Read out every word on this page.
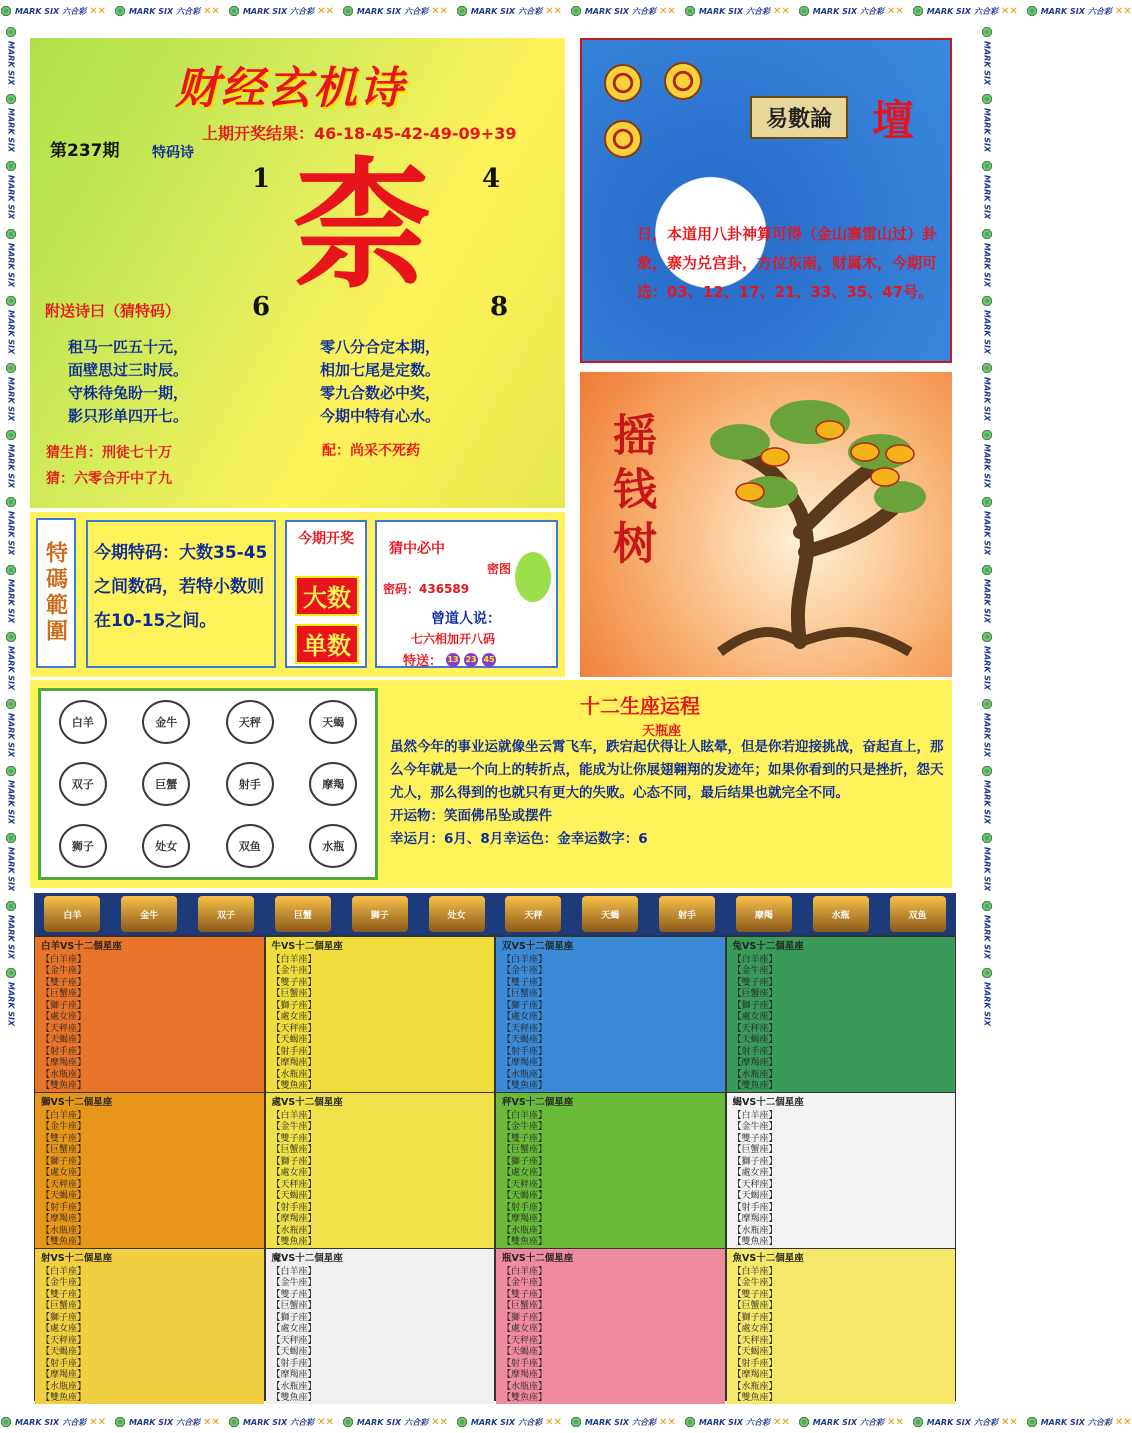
MARK SIX 六合彩 ✕✕	MARK SIX 六合彩 ✕✕	MARK SIX 六合彩 ✕✕	MARK SIX 六合彩 ✕✕	MARK SIX 六合彩 ✕✕	MARK SIX 六合彩 ✕✕	MARK SIX 六合彩 ✕✕	MARK SIX 六合彩 ✕✕	MARK SIX 六合彩 ✕✕	MARK SIX 六合彩 ✕✕
MARK SIX 六合彩 ✕✕	MARK SIX 六合彩 ✕✕	MARK SIX 六合彩 ✕✕	MARK SIX 六合彩 ✕✕	MARK SIX 六合彩 ✕✕	MARK SIX 六合彩 ✕✕	MARK SIX 六合彩 ✕✕	MARK SIX 六合彩 ✕✕	MARK SIX 六合彩 ✕✕	MARK SIX 六合彩 ✕✕
MARK SIX
MARK SIX
MARK SIX
MARK SIX
MARK SIX
MARK SIX
MARK SIX
MARK SIX
MARK SIX
MARK SIX
MARK SIX
MARK SIX
MARK SIX
MARK SIX
MARK SIX
MARK SIX
MARK SIX
MARK SIX
MARK SIX
MARK SIX
MARK SIX
MARK SIX
MARK SIX
MARK SIX
MARK SIX
MARK SIX
MARK SIX
MARK SIX
MARK SIX
MARK SIX
财经玄机诗
上期开奖结果：46-18-45-42-49-09+39
第237期 特码诗
1	4
6	8
柰
附送诗曰（猜特码）
租马一匹五十元，
面壁思过三时辰。
守株待兔盼一期，
影只形单四开七。
零八分合定本期，
相加七尾是定数。
零九合数必中奖，
今期中特有心水。
猜生肖：刑徒七十万
猜：六零合开中了九
配：尚采不死药
易數論 壇
日，本道用八卦神算可得（金山寨雷山过）卦象，寨为兑宫卦，方位东南，财属木，今期可选：03、12、17、21、33、35、47号。
摇钱树
特碼範圍	今期特码：大数35-45之间数码，若特小数则在10-15之间。
今期开奖
大数
单数
猜中必中
密图
密码：436589
曾道人说：
七六相加开八码
特送： 13 23 45
白羊	金牛	天秤	天蝎
双子	巨蟹	射手	摩羯
狮子	处女	双鱼	水瓶
十二生座运程
天瓶座
虽然今年的事业运就像坐云霄飞车，跌宕起伏得让人眩晕，但是你若迎接挑战，奋起直上，那么今年就是一个向上的转折点，能成为让你展翅翱翔的发迹年；如果你看到的只是挫折，怨天尤人，那么得到的也就只有更大的失败。心态不同，最后结果也就完全不同。
开运物：笑面佛吊坠或摆件
幸运月：6月、8月幸运色：金幸运数字：6
白羊	金牛	双子	巨蟹	狮子	处女	天秤	天蝎	射手	摩羯	水瓶	双鱼
白羊VS十二個星座
【白羊座】
【金牛座】
【雙子座】
【巨蟹座】
【獅子座】
【處女座】
【天秤座】
【天蝎座】
【射手座】
【摩羯座】
【水瓶座】
【雙魚座】
牛VS十二個星座
【白羊座】
【金牛座】
【雙子座】
【巨蟹座】
【獅子座】
【處女座】
【天秤座】
【天蝎座】
【射手座】
【摩羯座】
【水瓶座】
【雙魚座】
双VS十二個星座
【白羊座】
【金牛座】
【雙子座】
【巨蟹座】
【獅子座】
【處女座】
【天秤座】
【天蝎座】
【射手座】
【摩羯座】
【水瓶座】
【雙魚座】
兔VS十二個星座
【白羊座】
【金牛座】
【雙子座】
【巨蟹座】
【獅子座】
【處女座】
【天秤座】
【天蝎座】
【射手座】
【摩羯座】
【水瓶座】
【雙魚座】
獅VS十二個星座
【白羊座】
【金牛座】
【雙子座】
【巨蟹座】
【獅子座】
【處女座】
【天秤座】
【天蝎座】
【射手座】
【摩羯座】
【水瓶座】
【雙魚座】
處VS十二個星座
【白羊座】
【金牛座】
【雙子座】
【巨蟹座】
【獅子座】
【處女座】
【天秤座】
【天蝎座】
【射手座】
【摩羯座】
【水瓶座】
【雙魚座】
秤VS十二個星座
【白羊座】
【金牛座】
【雙子座】
【巨蟹座】
【獅子座】
【處女座】
【天秤座】
【天蝎座】
【射手座】
【摩羯座】
【水瓶座】
【雙魚座】
蝎VS十二個星座
【白羊座】
【金牛座】
【雙子座】
【巨蟹座】
【獅子座】
【處女座】
【天秤座】
【天蝎座】
【射手座】
【摩羯座】
【水瓶座】
【雙魚座】
射VS十二個星座
【白羊座】
【金牛座】
【雙子座】
【巨蟹座】
【獅子座】
【處女座】
【天秤座】
【天蝎座】
【射手座】
【摩羯座】
【水瓶座】
【雙魚座】
魔VS十二個星座
【白羊座】
【金牛座】
【雙子座】
【巨蟹座】
【獅子座】
【處女座】
【天秤座】
【天蝎座】
【射手座】
【摩羯座】
【水瓶座】
【雙魚座】
瓶VS十二個星座
【白羊座】
【金牛座】
【雙子座】
【巨蟹座】
【獅子座】
【處女座】
【天秤座】
【天蝎座】
【射手座】
【摩羯座】
【水瓶座】
【雙魚座】
魚VS十二個星座
【白羊座】
【金牛座】
【雙子座】
【巨蟹座】
【獅子座】
【處女座】
【天秤座】
【天蝎座】
【射手座】
【摩羯座】
【水瓶座】
【雙魚座】
